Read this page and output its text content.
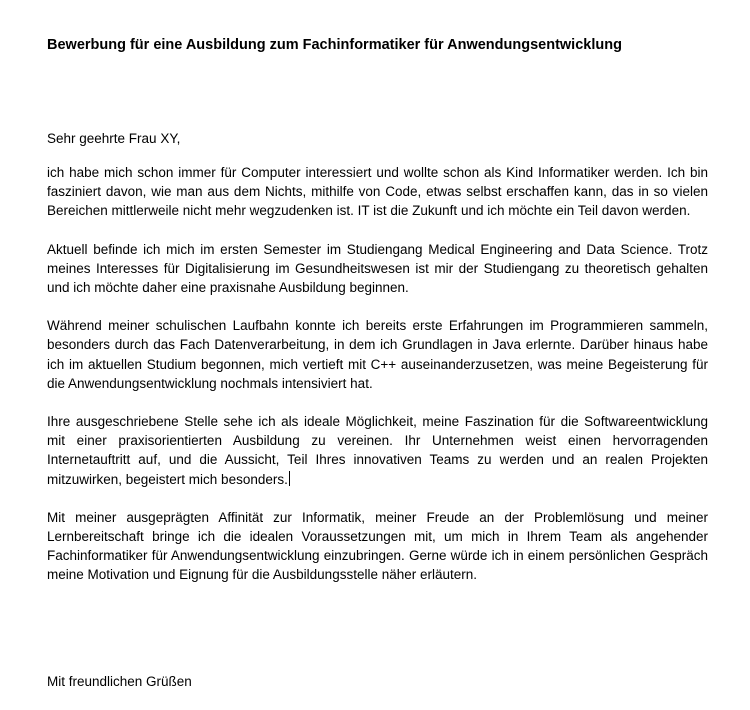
Bewerbung für eine Ausbildung zum Fachinformatiker für Anwendungsentwicklung

Sehr geehrte Frau XY,

ich habe mich schon immer für Computer interessiert und wollte schon als Kind Informatiker werden. Ich bin fasziniert davon, wie man aus dem Nichts, mithilfe von Code, etwas selbst erschaffen kann, das in so vielen Bereichen mittlerweile nicht mehr wegzudenken ist. IT ist die Zukunft und ich möchte ein Teil davon werden.

Aktuell befinde ich mich im ersten Semester im Studiengang Medical Engineering and Data Science. Trotz meines Interesses für Digitalisierung im Gesundheitswesen ist mir der Studiengang zu theoretisch gehalten und ich möchte daher eine praxisnahe Ausbildung beginnen.

Während meiner schulischen Laufbahn konnte ich bereits erste Erfahrungen im Programmieren sammeln, besonders durch das Fach Datenverarbeitung, in dem ich Grundlagen in Java erlernte. Darüber hinaus habe ich im aktuellen Studium begonnen, mich vertieft mit C++ auseinanderzusetzen, was meine Begeisterung für die Anwendungsentwicklung nochmals intensiviert hat.

Ihre ausgeschriebene Stelle sehe ich als ideale Möglichkeit, meine Faszination für die Softwareentwicklung mit einer praxisorientierten Ausbildung zu vereinen. Ihr Unternehmen weist einen hervorragenden Internetauftritt auf, und die Aussicht, Teil Ihres innovativen Teams zu werden und an realen Projekten mitzuwirken, begeistert mich besonders.

Mit meiner ausgeprägten Affinität zur Informatik, meiner Freude an der Problemlösung und meiner Lernbereitschaft bringe ich die idealen Voraussetzungen mit, um mich in Ihrem Team als angehender Fachinformatiker für Anwendungsentwicklung einzubringen. Gerne würde ich in einem persönlichen Gespräch meine Motivation und Eignung für die Ausbildungsstelle näher erläutern.

Mit freundlichen Grüßen
